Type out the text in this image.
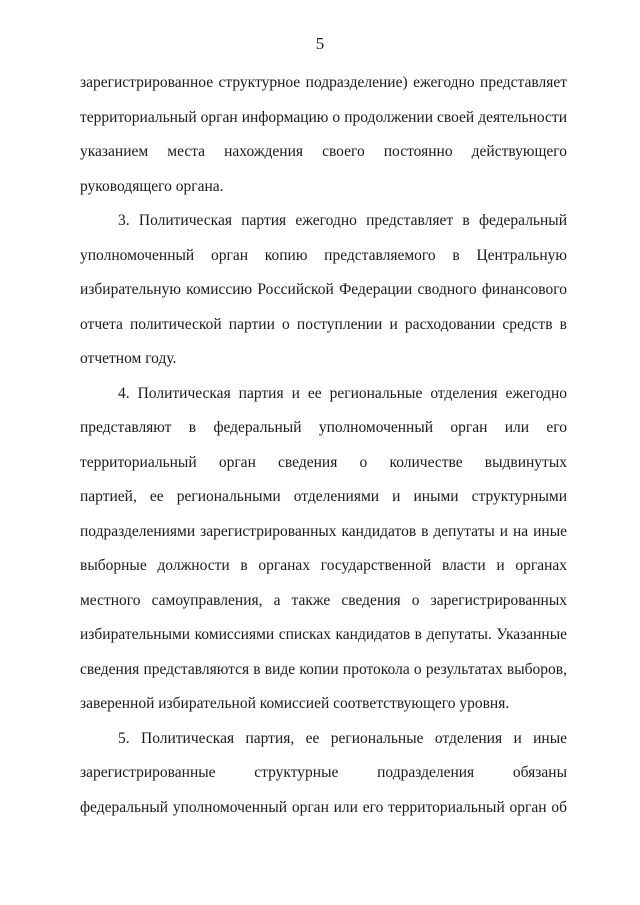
5
зарегистрированное структурное подразделение) ежегодно представляет
территориальный орган информацию о продолжении своей деятельности
указанием места нахождения своего постоянно действующего
руководящего органа.
3. Политическая партия ежегодно представляет в федеральный
уполномоченный орган копию представляемого в Центральную
избирательную комиссию Российской Федерации сводного финансового
отчета политической партии о поступлении и расходовании средств в
отчетном году.
4. Политическая партия и ее региональные отделения ежегодно
представляют в федеральный уполномоченный орган или его
территориальный орган сведения о количестве выдвинутых
партией, ее региональными отделениями и иными структурными
подразделениями зарегистрированных кандидатов в депутаты и на иные
выборные должности в органах государственной власти и органах
местного самоуправления, а также сведения о зарегистрированных
избирательными комиссиями списках кандидатов в депутаты. Указанные
сведения представляются в виде копии протокола о результатах выборов,
заверенной избирательной комиссией соответствующего уровня.
5. Политическая партия, ее региональные отделения и иные
зарегистрированные структурные подразделения обязаны
федеральный уполномоченный орган или его территориальный орган об
